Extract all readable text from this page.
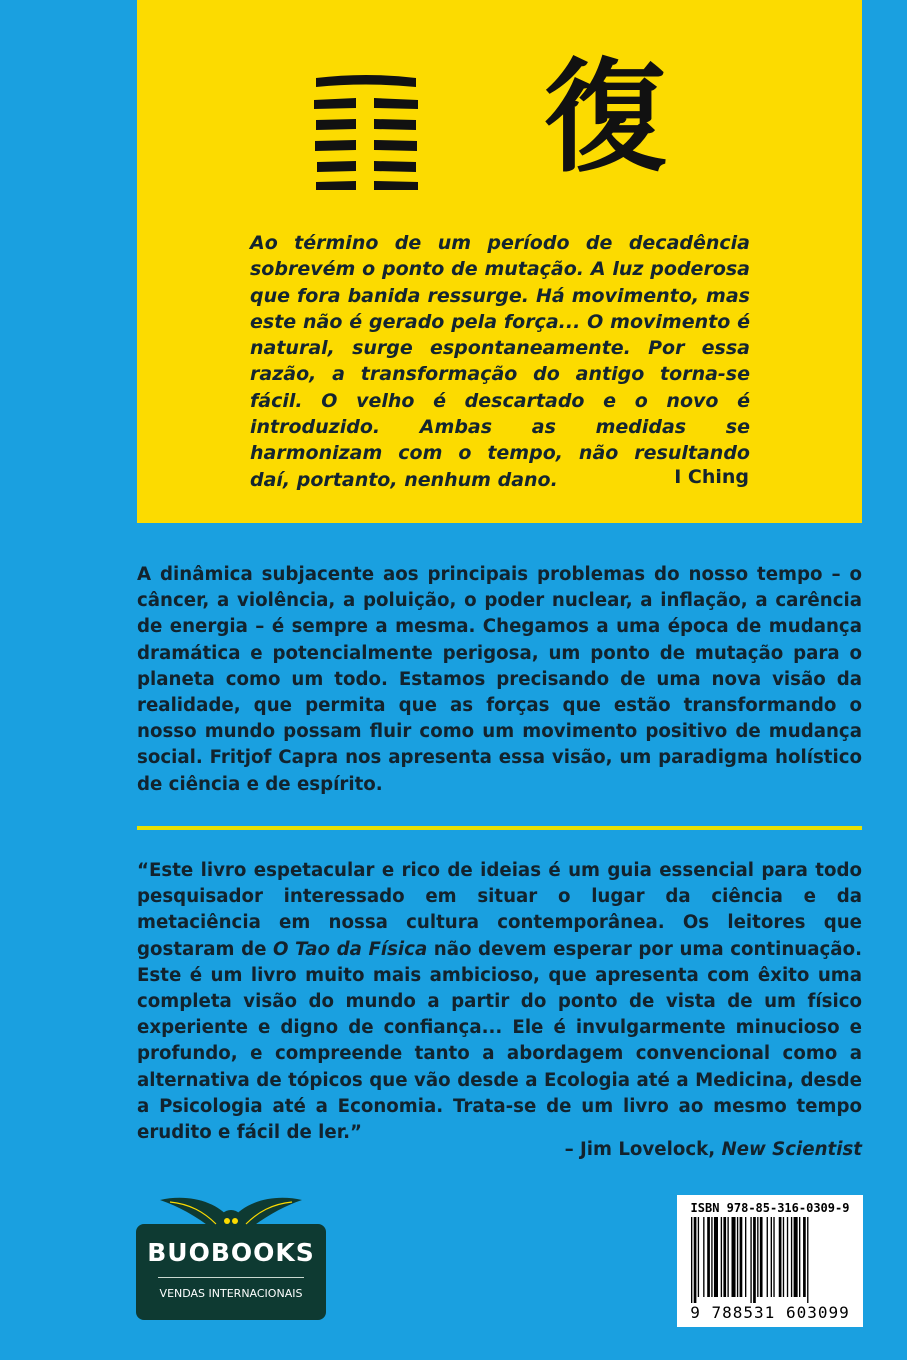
復

Ao término de um período de decadência sobrevém o ponto de mutação. A luz poderosa que fora banida ressurge. Há movimento, mas este não é gerado pela força... O movimento é natural, surge espontaneamente. Por essa razão, a transformação do antigo torna-se fácil. O velho é descartado e o novo é introduzido. Ambas as medidas se harmonizam com o tempo, não resultando daí, portanto, nenhum dano.	I Ching

A dinâmica subjacente aos principais problemas do nosso tempo – o câncer, a violência, a poluição, o poder nuclear, a inflação, a carência de energia – é sempre a mesma. Chegamos a uma época de mudança dramática e potencialmente perigosa, um ponto de mutação para o planeta como um todo. Estamos precisando de uma nova visão da realidade, que permita que as forças que estão transformando o nosso mundo possam fluir como um movimento positivo de mudança social. Fritjof Capra nos apresenta essa visão, um paradigma holístico de ciência e de espírito.

“Este livro espetacular e rico de ideias é um guia essencial para todo pesquisador interessado em situar o lugar da ciência e da metaciência em nossa cultura contemporânea. Os leitores que gostaram de O Tao da Física não devem esperar por uma continuação. Este é um livro muito mais ambicioso, que apresenta com êxito uma completa visão do mundo a partir do ponto de vista de um físico experiente e digno de confiança... Ele é invulgarmente minucioso e profundo, e compreende tanto a abordagem convencional como a alternativa de tópicos que vão desde a Ecologia até a Medicina, desde a Psicologia até a Economia. Trata-se de um livro ao mesmo tempo erudito e fácil de ler.”

– Jim Lovelock, New Scientist
BUOBOOKS
VENDAS INTERNACIONAIS
ISBN 978-85-316-0309-9
9 788531 603099
